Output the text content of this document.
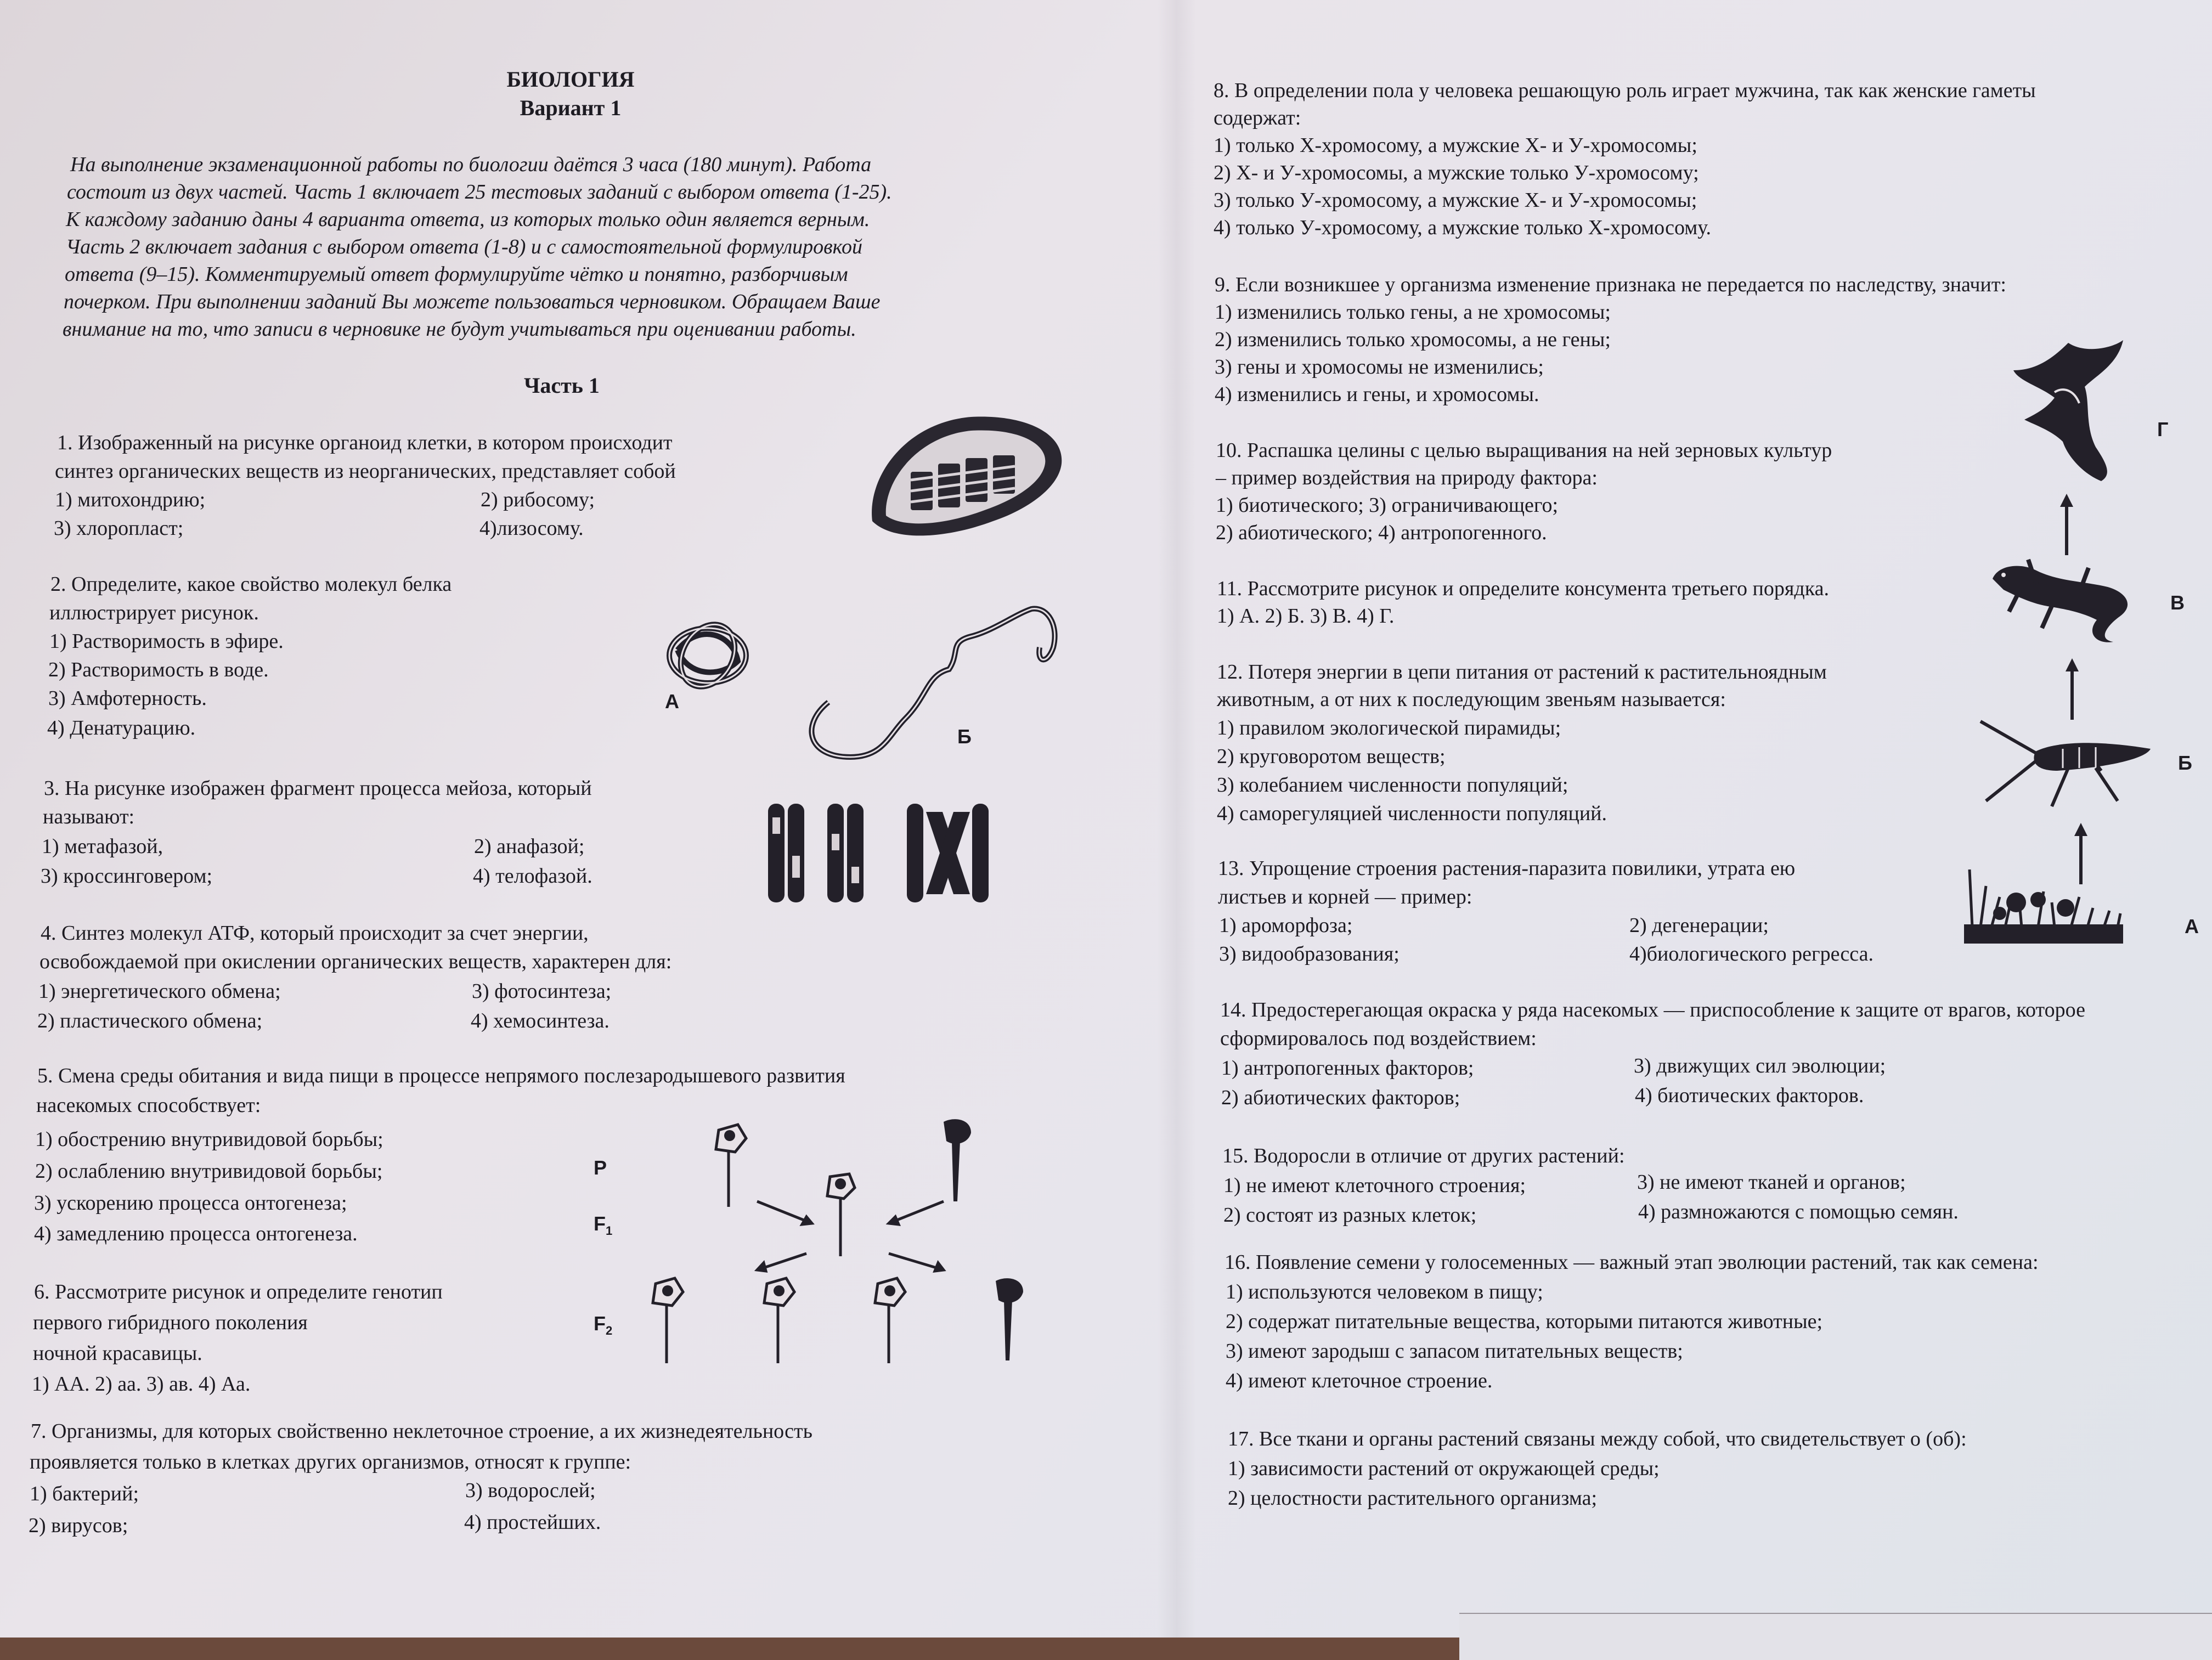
БИОЛОГИЯ
Вариант 1
На выполнение экзаменационной работы по биологии даётся 3 часа (180 минут). Работа
состоит из двух частей. Часть 1 включает 25 тестовых заданий с выбором ответа (1-25).
К каждому заданию даны 4 варианта ответа, из которых только один является верным.
Часть 2 включает задания с выбором ответа (1-8) и с самостоятельной формулировкой
ответа (9–15). Комментируемый ответ формулируйте чётко и понятно, разборчивым
почерком. При выполнении заданий Вы можете пользоваться черновиком. Обращаем Ваше
внимание на то, что записи в черновике не будут учитываться при оценивании работы.
Часть 1
1. Изображенный на рисунке органоид клетки, в котором происходит
синтез органических веществ из неорганических, представляет собой
1) митохондрию;	2) рибосому;
3) хлоропласт;	4)лизосому.
2. Определите, какое свойство молекул белка
иллюстрирует рисунок.
1) Растворимость в эфире.
2) Растворимость в воде.
3) Амфотерность.
4) Денатурацию.
А
Б
3. На рисунке изображен фрагмент процесса мейоза, который
называют:
1) метафазой,	2) анафазой;
3) кроссинговером;	4) телофазой.
4. Синтез молекул АТФ, который происходит за счет энергии,
освобождаемой при окислении органических веществ, характерен для:
1) энергетического обмена;	3) фотосинтеза;
2) пластического обмена;	4) хемосинтеза.
5. Смена среды обитания и вида пищи в процессе непрямого послезародышевого развития
насекомых способствует:
1) обострению внутривидовой борьбы;
2) ослаблению внутривидовой борьбы;
3) ускорению процесса онтогенеза;
4) замедлению процесса онтогенеза.
6. Рассмотрите рисунок и определите генотип
первого гибридного поколения
ночной красавицы.
1) АА. 2) аа. 3) ав. 4) Аа.
P
$F_1$
$F_2$
7. Организмы, для которых свойственно неклеточное строение, а их жизнедеятельность
проявляется только в клетках других организмов, относят к группе:
1) бактерий;	3) водорослей;
2) вирусов;	4) простейших.
8. В определении пола у человека решающую роль играет мужчина, так как женские гаметы
содержат:
1) только Х-хромосому, а мужские Х- и У-хромосомы;
2) Х- и У-хромосомы, а мужские только У-хромосому;
3) только У-хромосому, а мужские Х- и У-хромосомы;
4) только У-хромосому, а мужские только Х-хромосому.
9. Если возникшее у организма изменение признака не передается по наследству, значит:
1) изменились только гены, а не хромосомы;
2) изменились только хромосомы, а не гены;
3) гены и хромосомы не изменились;
4) изменились и гены, и хромосомы.
10. Распашка целины с целью выращивания на ней зерновых культур
– пример воздействия на природу фактора:
1) биотического; 3) ограничивающего;
2) абиотического; 4) антропогенного.
11. Рассмотрите рисунок и определите консумента третьего порядка.
1) А. 2) Б. 3) В. 4) Г.
12. Потеря энергии в цепи питания от растений к растительноядным
животным, а от них к последующим звеньям называется:
1) правилом экологической пирамиды;
2) круговоротом веществ;
3) колебанием численности популяций;
4) саморегуляцией численности популяций.
13. Упрощение строения растения-паразита повилики, утрата ею
листьев и корней — пример:
1) ароморфоза;	2) дегенерации;
3) видообразования;	4)биологического регресса.
14. Предостерегающая окраска у ряда насекомых — приспособление к защите от врагов, которое
сформировалось под воздействием:
1) антропогенных факторов;	3) движущих сил эволюции;
2) абиотических факторов;	4) биотических факторов.
15. Водоросли в отличие от других растений:
1) не имеют клеточного строения;	3) не имеют тканей и органов;
2) состоят из разных клеток;	4) размножаются с помощью семян.
16. Появление семени у голосеменных — важный этап эволюции растений, так как семена:
1) используются человеком в пищу;
2) содержат питательные вещества, которыми питаются животные;
3) имеют зародыш с запасом питательных веществ;
4) имеют клеточное строение.
17. Все ткани и органы растений связаны между собой, что свидетельствует о (об):
1) зависимости растений от окружающей среды;
2) целостности растительного организма;
Г
В
Б
А
